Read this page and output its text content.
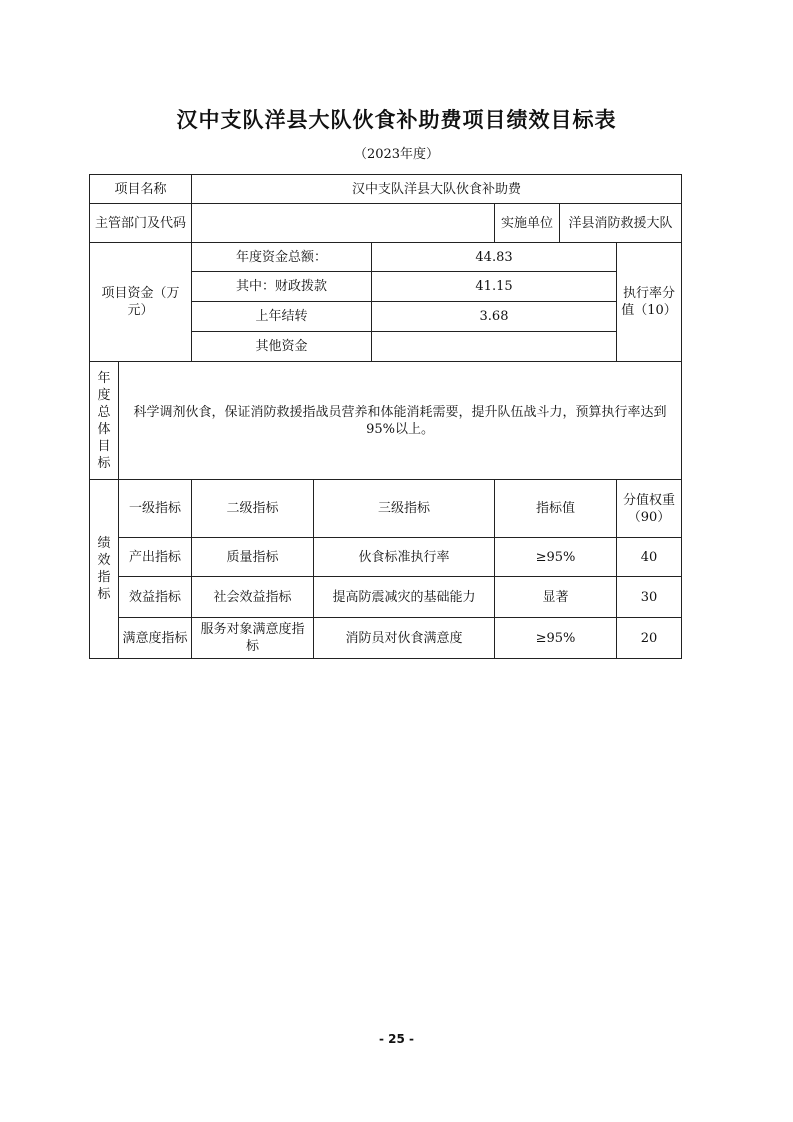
汉中支队洋县大队伙食补助费项目绩效目标表
（2023年度）
项目名称		汉中支队洋县大队伙食补助费					
主管部门及代码					实施单位	洋县消防救援大队	
项目资金（万元）		年度资金总额：		44.83			执行率分值（10）
		其中：财政拨款		41.15			
		上年结转		3.68			
		其他资金					
年度总体目标	科学调剂伙食，保证消防救援指战员营养和体能消耗需要，提升队伍战斗力，预算执行率达到95%以上。						
绩效指标	一级指标	二级指标	三级指标		指标值		分值权重（90）
	产出指标	质量指标	伙食标准执行率		≥95%		40
	效益指标	社会效益指标	提高防震减灾的基础能力		显著		30
	满意度指标	服务对象满意度指标	消防员对伙食满意度		≥95%		20
- 25 -
